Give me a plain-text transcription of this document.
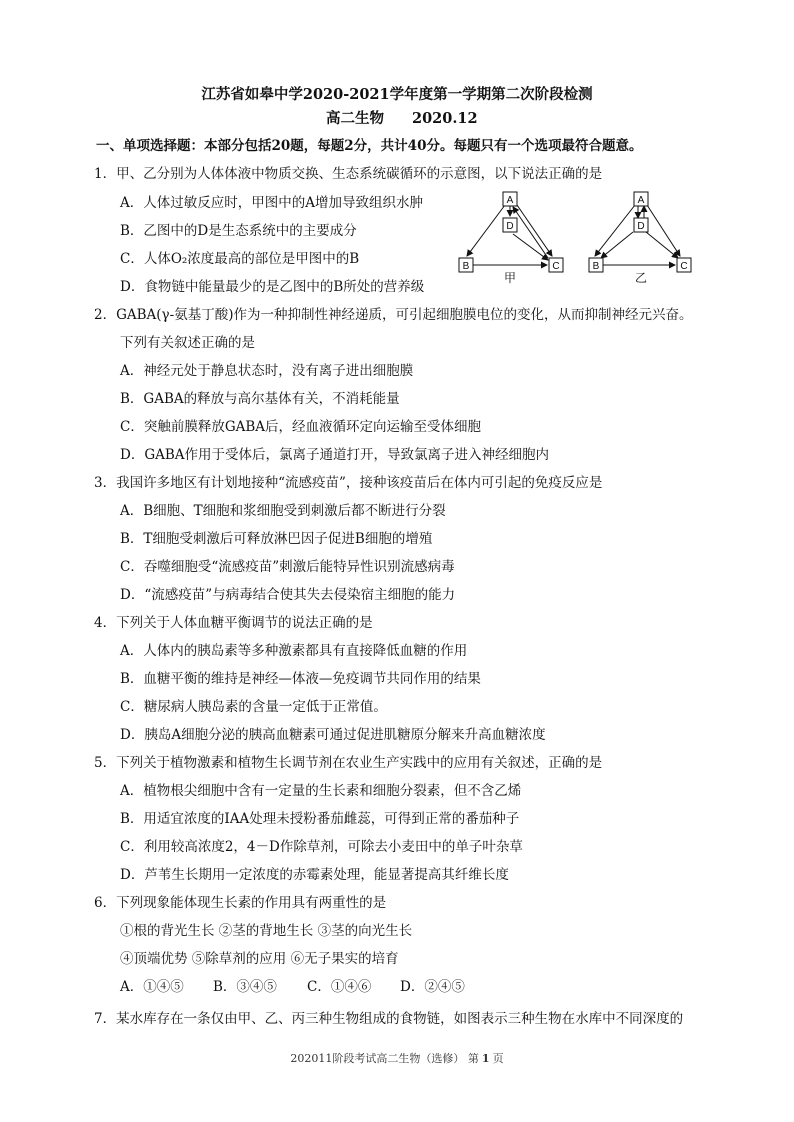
江苏省如皋中学2020-2021学年度第一学期第二次阶段检测
高二生物 2020.12
一、单项选择题：本部分包括20题，每题2分，共计40分。每题只有一个选项最符合题意。
1．甲、乙分别为人体体液中物质交换、生态系统碳循环的示意图，以下说法正确的是
A．人体过敏反应时，甲图中的A增加导致组织水肿
B．乙图中的D是生态系统中的主要成分
C．人体O₂浓度最高的部位是甲图中的B
D．食物链中能量最少的是乙图中的B所处的营养级
A
D
B	C
A
D
B	C
甲	乙
2．GABA(γ-氨基丁酸)作为一种抑制性神经递质，可引起细胞膜电位的变化，从而抑制神经元兴奋。
下列有关叙述正确的是
A．神经元处于静息状态时，没有离子进出细胞膜
B．GABA的释放与高尔基体有关，不消耗能量
C．突触前膜释放GABA后，经血液循环定向运输至受体细胞
D．GABA作用于受体后，氯离子通道打开，导致氯离子进入神经细胞内
3．我国许多地区有计划地接种“流感疫苗”，接种该疫苗后在体内可引起的免疫反应是
A．B细胞、T细胞和浆细胞受到刺激后都不断进行分裂
B．T细胞受刺激后可释放淋巴因子促进B细胞的增殖
C．吞噬细胞受“流感疫苗”刺激后能特异性识别流感病毒
D．“流感疫苗”与病毒结合使其失去侵染宿主细胞的能力
4．下列关于人体血糖平衡调节的说法正确的是
A．人体内的胰岛素等多种激素都具有直接降低血糖的作用
B．血糖平衡的维持是神经—体液—免疫调节共同作用的结果
C．糖尿病人胰岛素的含量一定低于正常值。
D．胰岛A细胞分泌的胰高血糖素可通过促进肌糖原分解来升高血糖浓度
5．下列关于植物激素和植物生长调节剂在农业生产实践中的应用有关叙述，正确的是
A．植物根尖细胞中含有一定量的生长素和细胞分裂素，但不含乙烯
B．用适宜浓度的IAA处理未授粉番茄雌蕊，可得到正常的番茄种子
C．利用较高浓度2，4－D作除草剂，可除去小麦田中的单子叶杂草
D．芦苇生长期用一定浓度的赤霉素处理，能显著提高其纤维长度
6．下列现象能体现生长素的作用具有两重性的是
①根的背光生长 ②茎的背地生长 ③茎的向光生长
④顶端优势 ⑤除草剂的应用 ⑥无子果实的培育
A．①④⑤ B．③④⑤ C．①④⑥ D．②④⑤
7．某水库存在一条仅由甲、乙、丙三种生物组成的食物链，如图表示三种生物在水库中不同深度的
202011阶段考试高二生物（选修） 第 1 页
